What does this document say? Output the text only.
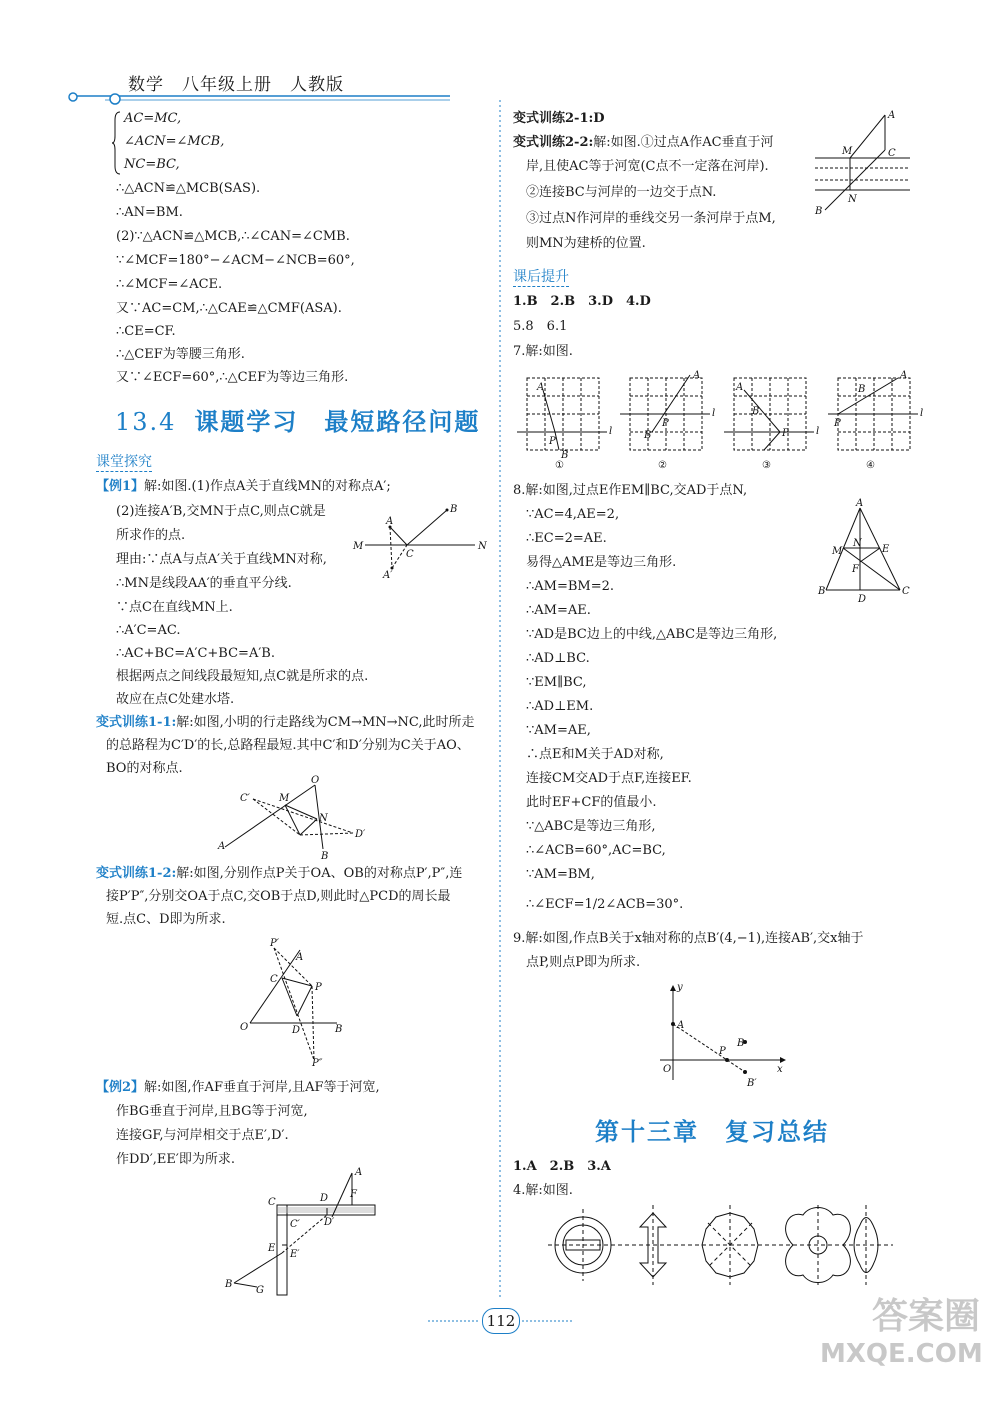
数学　八年级上册　人教版
AC=MC,
∠ACN=∠MCB,
NC=BC,
∴△ACN≌△MCB(SAS).
∴AN=BM.
(2)∵△ACN≌△MCB,∴∠CAN=∠CMB.
∵∠MCF=180°−∠ACM−∠NCB=60°,
∴∠MCF=∠ACE.
又∵AC=CM,∴△CAE≌△CMF(ASA).
∴CE=CF.
∴△CEF为等腰三角形.
又∵∠ECF=60°,∴△CEF为等边三角形.
13.4 课题学习　最短路径问题
课堂探究
【例1】解:如图.(1)作点A关于直线MN的对称点A′;
(2)连接A′B,交MN于点C,则点C就是
所求作的点.
理由:∵点A与点A′关于直线MN对称,
∴MN是线段AA′的垂直平分线.
∵点C在直线MN上.
∴A′C=AC.
∴AC+BC=A′C+BC=A′B.
根据两点之间线段最短知,点C就是所求的点.
故应在点C处建水塔.
A
B
M
C
N
A′
变式训练1-1:解:如图,小明的行走路线为CM→MN→NC,此时所走
的总路程为C′D′的长,总路程最短.其中C′和D′分别为C关于AO、
BO的对称点.
O
C′	M
N
D′
A
B
变式训练1-2:解:如图,分别作点P关于OA、OB的对称点P′,P″,连
接P′P″,分别交OA于点C,交OB于点D,则此时△PCD的周长最
短.点C、D即为所求.
P′
A
C
P
O	D	B
P″
【例2】解:如图,作AF垂直于河岸,且AF等于河宽,
作BG垂直于河岸,且BG等于河宽,
连接GF,与河岸相交于点E′,D′.
作DD′,EE′即为所求.
A
F
C	D
C′ D′
E
E′
B
G
变式训练2-1:D
变式训练2-2:解:如图.①过点A作AC垂直于河
岸,且使AC等于河宽(C点不一定落在河岸).
②连接BC与河岸的一边交于点N.
③过点N作河岸的垂线交另一条河岸于点M,
则MN为建桥的位置.
A
M	C
N
B
课后提升
1.B　2.B　3.D　4.D
5.8　6.1
7.解:如图.
A
B
P
l
①
A
B
P
l
②
A
B
P	l
③
A
B
P
l
④
8.解:如图,过点E作EM∥BC,交AD于点N,
∵AC=4,AE=2,
∴EC=2=AE.
易得△AME是等边三角形.
∴AM=BM=2.
∴AM=AE.
∵AD是BC边上的中线,△ABC是等边三角形,
∴AD⊥BC.
∵EM∥BC,
∴AD⊥EM.
∵AM=AE,
∴点E和M关于AD对称,
连接CM交AD于点F,连接EF.
此时EF+CF的值最小.
∵△ABC是等边三角形,
∴∠ACB=60°,AC=BC,
∵AM=BM,
∴∠ECF=1/2∠ACB=30°.
A
M
N
E
F
B
D
C
9.解:如图,作点B关于x轴对称的点B′(4,−1),连接AB′,交x轴于
点P,则点P即为所求.
y
x
A
B
P
B′
O
第十三章　复习总结
1.A　2.B　3.A
4.解:如图.
112	答案圈
MXQE.COM
